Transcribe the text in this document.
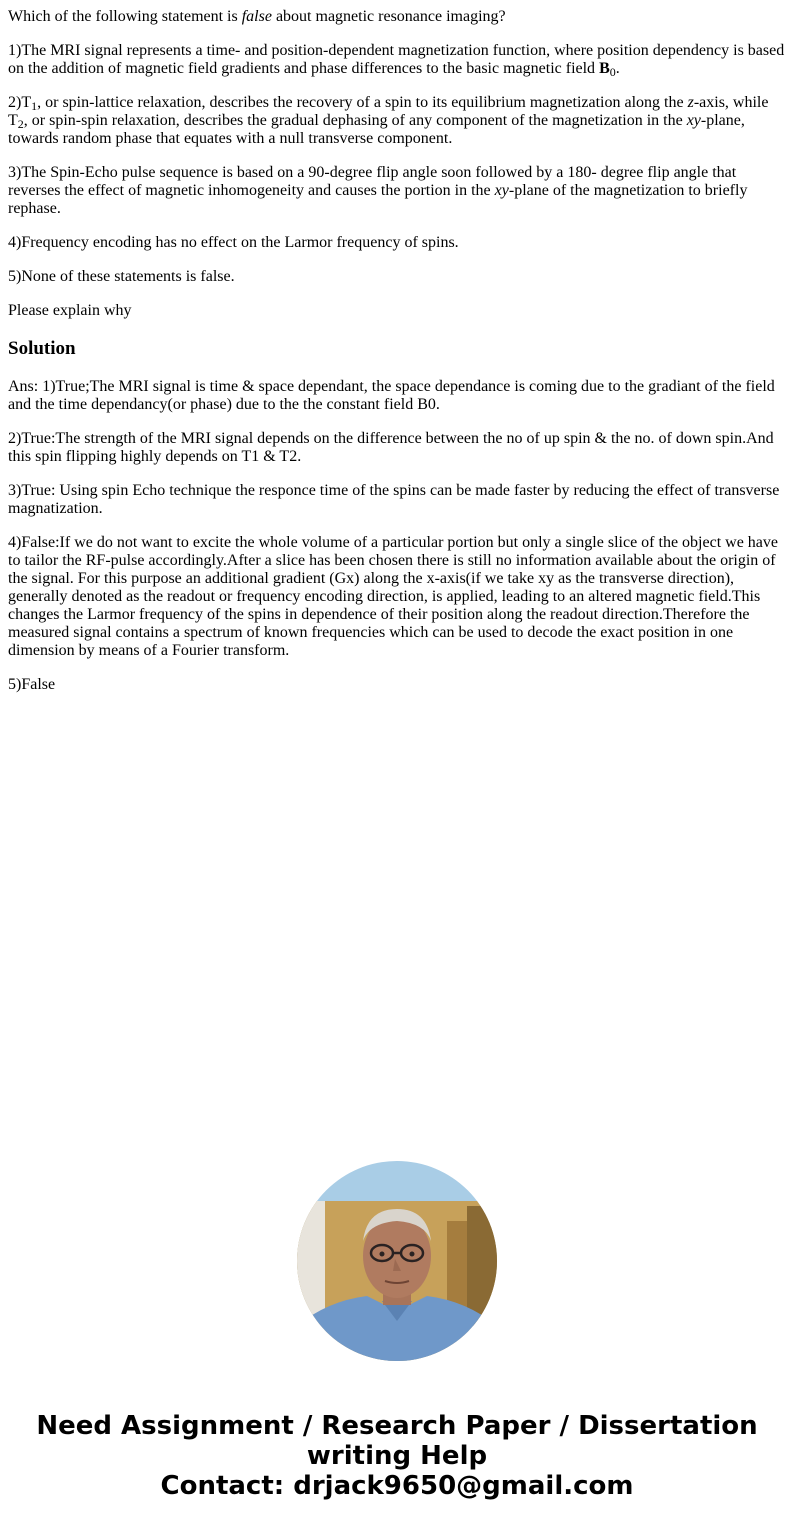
Which of the following statement is false about magnetic resonance imaging?

1)The MRI signal represents a time- and position-dependent magnetization function, where position dependency is based on the addition of magnetic field gradients and phase differences to the basic magnetic field $B_0$.

$2)T_1$, or spin-lattice relaxation, describes the recovery of a spin to its equilibrium magnetization along the z-axis, while $T_2$, or spin-spin relaxation, describes the gradual dephasing of any component of the magnetization in the xy-plane, towards random phase that equates with a null transverse component.

3)The Spin-Echo pulse sequence is based on a 90-degree flip angle soon followed by a 180- degree flip angle that reverses the effect of magnetic inhomogeneity and causes the portion in the xy-plane of the magnetization to briefly rephase.

4)Frequency encoding has no effect on the Larmor frequency of spins.

5)None of these statements is false.

Please explain why

Solution

Ans: 1)True;The MRI signal is time & space dependant, the space dependance is coming due to the gradiant of the field and the time dependancy(or phase) due to the the constant field B0.

2)True:The strength of the MRI signal depends on the difference between the no of up spin & the no. of down spin.And this spin flipping highly depends on T1 & T2.

3)True: Using spin Echo technique the responce time of the spins can be made faster by reducing the effect of transverse magnatization.

4)False:If we do not want to excite the whole volume of a particular portion but only a single slice of the object we have to tailor the RF-pulse accordingly.After a slice has been chosen there is still no information available about the origin of the signal. For this purpose an additional gradient (Gx) along the x-axis(if we take xy as the transverse direction), generally denoted as the readout or frequency encoding direction, is applied, leading to an altered magnetic field.This changes the Larmor frequency of the spins in dependence of their position along the readout direction.Therefore the measured signal contains a spectrum of known frequencies which can be used to decode the exact position in one dimension by means of a Fourier transform.

5)False

Need Assignment / Research Paper / Dissertation
writing Help
Contact: drjack9650@gmail.com
